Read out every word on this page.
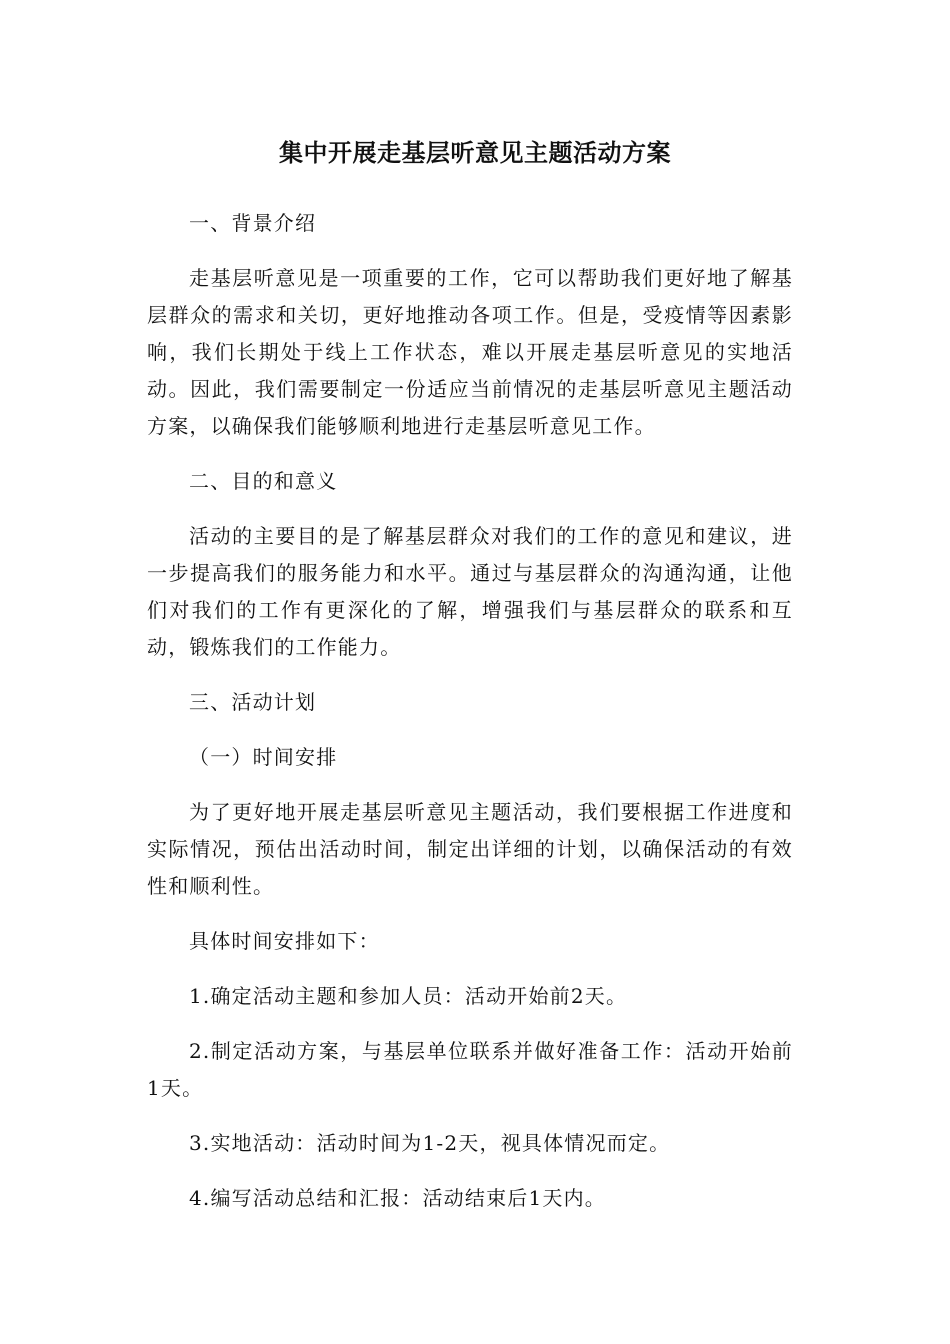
集中开展走基层听意见主题活动方案

一、背景介绍

走基层听意见是一项重要的工作，它可以帮助我们更好地了解基层群众的需求和关切，更好地推动各项工作。但是，受疫情等因素影响，我们长期处于线上工作状态，难以开展走基层听意见的实地活动。因此，我们需要制定一份适应当前情况的走基层听意见主题活动方案，以确保我们能够顺利地进行走基层听意见工作。

二、目的和意义

活动的主要目的是了解基层群众对我们的工作的意见和建议，进一步提高我们的服务能力和水平。通过与基层群众的沟通沟通，让他们对我们的工作有更深化的了解，增强我们与基层群众的联系和互动，锻炼我们的工作能力。

三、活动计划

（一）时间安排

为了更好地开展走基层听意见主题活动，我们要根据工作进度和实际情况，预估出活动时间，制定出详细的计划，以确保活动的有效性和顺利性。

具体时间安排如下：

1.确定活动主题和参加人员：活动开始前2天。

2.制定活动方案，与基层单位联系并做好准备工作：活动开始前1天。

3.实地活动：活动时间为1-2天，视具体情况而定。

4.编写活动总结和汇报：活动结束后1天内。
